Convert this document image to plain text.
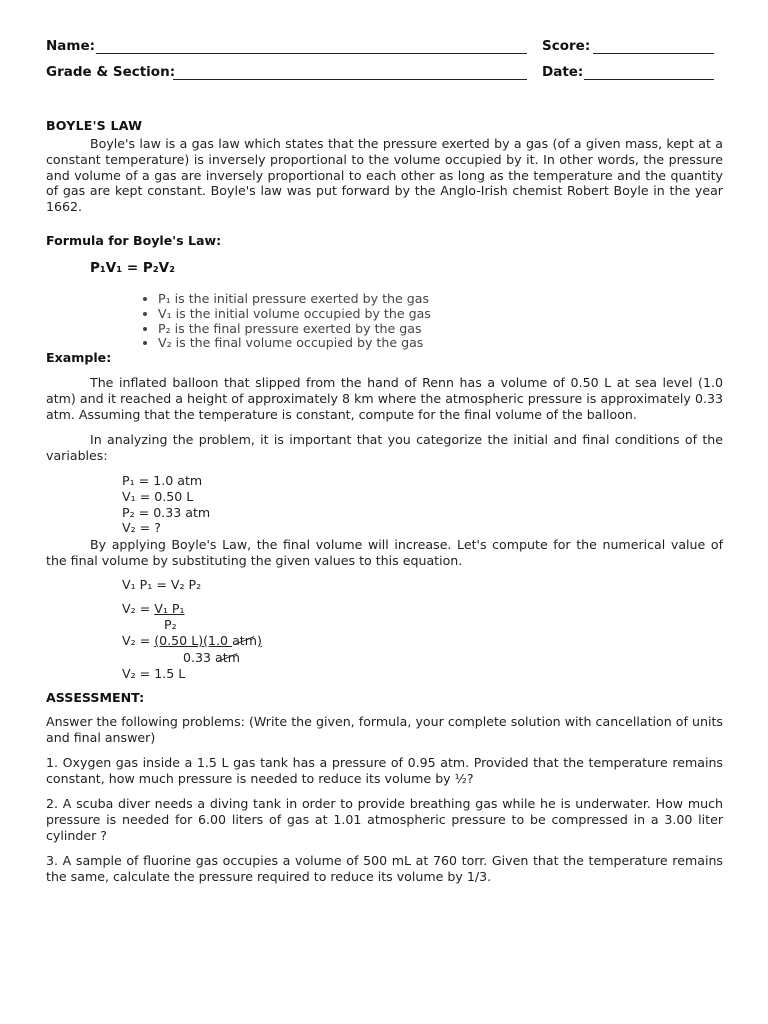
Name:	Score:
Grade & Section:	Date:
BOYLE'S LAW
Boyle's law is a gas law which states that the pressure exerted by a gas (of a given mass, kept at a constant temperature) is inversely proportional to the volume occupied by it. In other words, the pressure and volume of a gas are inversely proportional to each other as long as the temperature and the quantity of gas are kept constant. Boyle's law was put forward by the Anglo-Irish chemist Robert Boyle in the year 1662.
Formula for Boyle's Law:
P₁V₁ = P₂V₂
• P₁ is the initial pressure exerted by the gas
• V₁ is the initial volume occupied by the gas
• P₂ is the final pressure exerted by the gas
• V₂ is the final volume occupied by the gas
Example:
The inflated balloon that slipped from the hand of Renn has a volume of 0.50 L at sea level (1.0 atm) and it reached a height of approximately 8 km where the atmospheric pressure is approximately 0.33 atm. Assuming that the temperature is constant, compute for the final volume of the balloon.
In analyzing the problem, it is important that you categorize the initial and final conditions of the variables:
P₁ = 1.0 atm
V₁ = 0.50 L
P₂ = 0.33 atm
V₂ = ?
By applying Boyle's Law, the final volume will increase. Let's compute for the numerical value of the final volume by substituting the given values to this equation.
V₁ P₁ = V₂ P₂
V₂ = V₁ P₁
P₂
V₂ = (0.50 L)(1.0 atm
)
0.33 atm
V₂ = 1.5 L
ASSESSMENT:
Answer the following problems: (Write the given, formula, your complete solution with cancellation of units and final answer)
1. Oxygen gas inside a 1.5 L gas tank has a pressure of 0.95 atm. Provided that the temperature remains constant, how much pressure is needed to reduce its volume by ½?
2. A scuba diver needs a diving tank in order to provide breathing gas while he is underwater. How much pressure is needed for 6.00 liters of gas at 1.01 atmospheric pressure to be compressed in a 3.00 liter cylinder ?
3. A sample of fluorine gas occupies a volume of 500 mL at 760 torr. Given that the temperature remains the same, calculate the pressure required to reduce its volume by 1/3.
